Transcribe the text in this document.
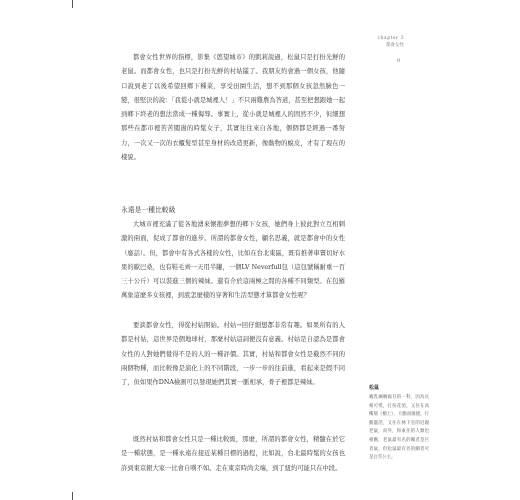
chapter 3
都會女性
9

都會女性世界的指標，影集《慾望城市》的凱莉說過，松鼠只是打扮光鮮的老鼠。而都會女性，也只是打扮光鮮的村姑罷了。我朋友約會過一個女孩，他隨口說到老了以後希望回鄉下種菜，享受田園生活，想不到那個女孩忽然臉色一變，很堅決的說：「我從小就是城裡人！」不只兩雞農為答道，甚至把想跟她一起到鄉下終老的想法當成一種侮辱。事實上，從小就是城裡人的固然不少，但細想那些在都市裡苦苦闖盪的時髦女子，其實往往來自各地，個個都是經過一番努力，一次又一次的衣櫃髮型甚至身材的改造更新，像動物的蛻皮，才有了現在的樣貌。

永遠是一種比較級

大城市裡充滿了從各地湧來懷抱夢想的鄉下女孩，她們身上彼此對立互相刺激的兩面，促成了都會的進步。所謂的都會女性，顧名思義，就是都會中的女性（廢話）。但，都會中有各式各樣的女性，比如在台北東區，既有推著車賣切好水果的歐巴桑，也有鞋毛齊一天用半罐，一個LV Neverfull包（這包號稱耐重一百三十公斤）可以裝進三個的辣妹。還有介於這兩極之間的各種不同類型。在包羅萬象這麼多女孩裡，到底怎麼樣的穿著和生活型態才算都會女性呢？

要談都會女性，得從村姑開始。村姑→回仔細想都非常有趣。如果所有的人都是村姑，這世界是個地球村，那麼村姑這詞便沒有意義。村姑是自認為是都會女性的人對她們覺得不是的人的一種評價。其實，村姑和都會女性是截然不同的兩個物種，而比較像是演化上的不同階段，一步一步的往前進，看起來是假不同了，但如果作DNA檢測可以發現她們其實一脈相承，骨子裡都是辣妹。

既然村姑和都會女性只是一種比較級，那麼，所謂的都會女性，精髓在於它是一種狀態，是一種永遠在接近某種目標的過程，比如說，台北最時髦的女孩也許到東京銀大家一比會自嘆不如。走在東京時尚尖端，到了紐約可能只在中段。

松鼠
嚙乳綱嚙齒目的一科，因為長相可愛，打扮花俏，又住在高樓層（樹上），大膽而敏捷，行動靈活，又住在林下室的近親老鼠，而外，和東住的人類也相應，老鼠最有名的關者是巨者鼠，但松鼠最有名的關者可是白雪公主。
